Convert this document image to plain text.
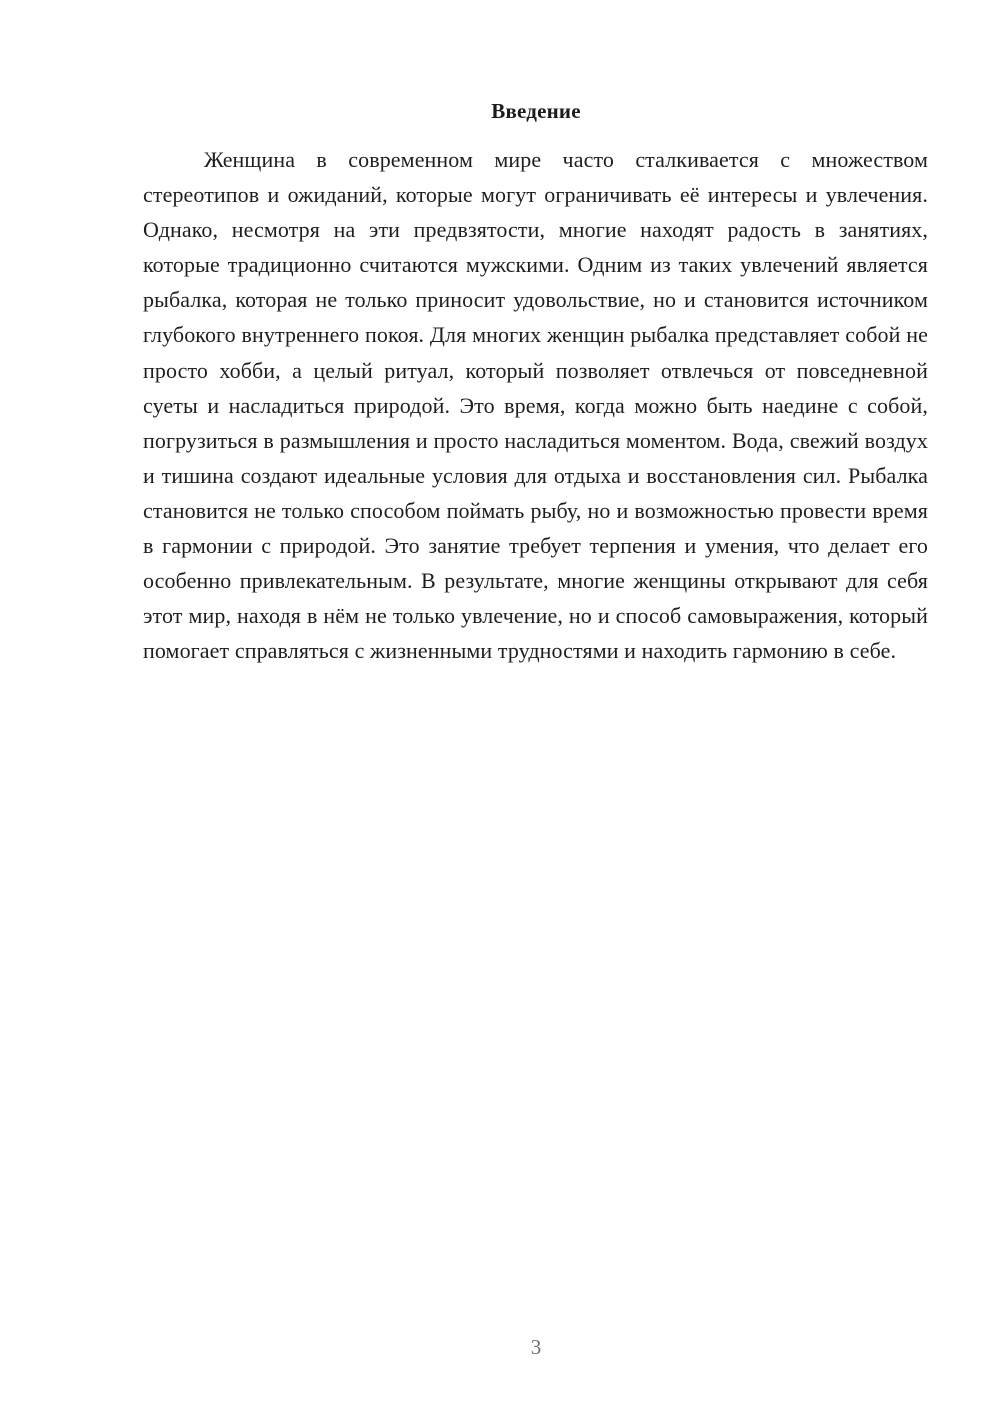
Введение

Женщина в современном мире часто сталкивается с множеством стереотипов и ожиданий, которые могут ограничивать её интересы и увлечения. Однако, несмотря на эти предвзятости, многие находят радость в занятиях, которые традиционно считаются мужскими. Одним из таких увлечений является рыбалка, которая не только приносит удовольствие, но и становится источником глубокого внутреннего покоя. Для многих женщин рыбалка представляет собой не просто хобби, а целый ритуал, который позволяет отвлечься от повседневной суеты и насладиться природой. Это время, когда можно быть наедине с собой, погрузиться в размышления и просто насладиться моментом. Вода, свежий воздух и тишина создают идеальные условия для отдыха и восстановления сил. Рыбалка становится не только способом поймать рыбу, но и возможностью провести время в гармонии с природой. Это занятие требует терпения и умения, что делает его особенно привлекательным. В результате, многие женщины открывают для себя этот мир, находя в нём не только увлечение, но и способ самовыражения, который помогает справляться с жизненными трудностями и находить гармонию в себе.

3
